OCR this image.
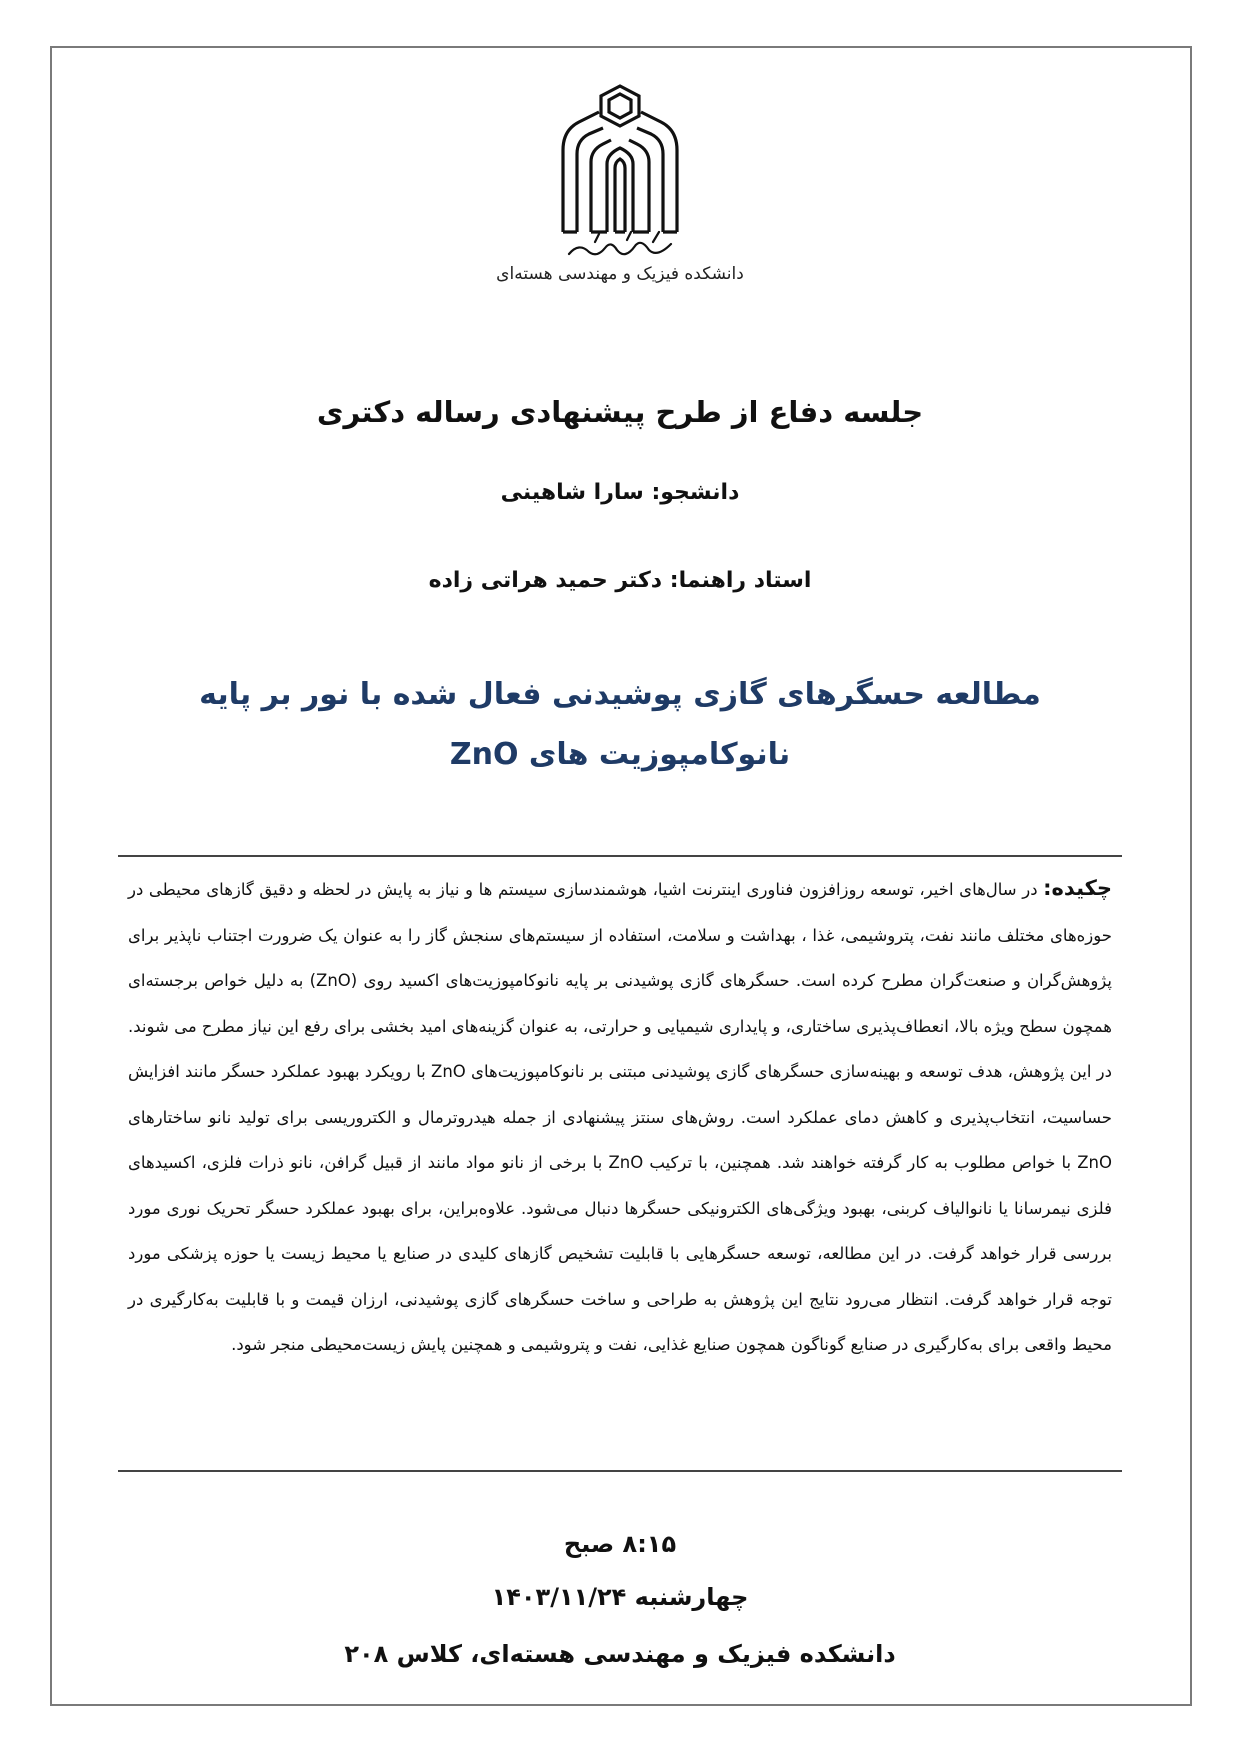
دانشکده فیزیک و مهندسی هسته‌ای
جلسه دفاع از طرح پیشنهادی رساله دکتری
دانشجو: سارا شاهینی
استاد راهنما: دکتر حمید هراتی زاده
مطالعه حسگرهای گازی پوشیدنی فعال شده با نور بر پایه نانوکامپوزیت های ZnO
چکیده: در سال‌های اخیر، توسعه روزافزون فناوری اینترنت اشیا، هوشمندسازی سیستم ها و نیاز به پایش در لحظه و دقیق گازهای محیطی در حوزه‌های مختلف مانند نفت، پتروشیمی، غذا ، بهداشت و سلامت، استفاده از سیستم‌های سنجش گاز را به عنوان یک ضرورت اجتناب ناپذیر برای پژوهش‌گران و صنعت‌گران مطرح کرده است. حسگرهای گازی پوشیدنی بر پایه نانوکامپوزیت‌های اکسید روی (ZnO) به دلیل خواص برجسته‌ای همچون سطح ویژه بالا، انعطاف‌پذیری ساختاری، و پایداری شیمیایی و حرارتی، به عنوان گزینه‌های امید بخشی برای رفع این نیاز مطرح می شوند. در این پژوهش، هدف توسعه و بهینه‌سازی حسگرهای گازی پوشیدنی مبتنی بر نانوکامپوزیت‌های ZnO با رویکرد بهبود عملکرد حسگر مانند افزایش حساسیت، انتخاب‌پذیری و کاهش دمای عملکرد است. روش‌های سنتز پیشنهادی از جمله هیدروترمال و الکتروریسی برای تولید نانو ساختارهای ZnO با خواص مطلوب به کار گرفته خواهند شد. همچنین، با ترکیب ZnO با برخی از نانو مواد مانند از قبیل گرافن، نانو ذرات فلزی، اکسیدهای فلزی نیمرسانا یا نانوالیاف کربنی، بهبود ویژگی‌های الکترونیکی حسگرها دنبال می‌شود. علاوه‌براین، برای بهبود عملکرد حسگر تحریک نوری مورد بررسی قرار خواهد گرفت. در این مطالعه، توسعه حسگرهایی با قابلیت تشخیص گازهای کلیدی در صنایع یا محیط زیست یا حوزه پزشکی مورد توجه قرار خواهد گرفت. انتظار می‌رود نتایج این پژوهش به طراحی و ساخت حسگرهای گازی پوشیدنی، ارزان قیمت و با قابلیت به‌کارگیری در محیط واقعی برای به‌کارگیری در صنایع گوناگون همچون صنایع غذایی، نفت و پتروشیمی و همچنین پایش زیست‌محیطی منجر شود.
۸:۱۵ صبح
چهارشنبه ۱۴۰۳/۱۱/۲۴
دانشکده فیزیک و مهندسی هسته‌ای، کلاس ۲۰۸
